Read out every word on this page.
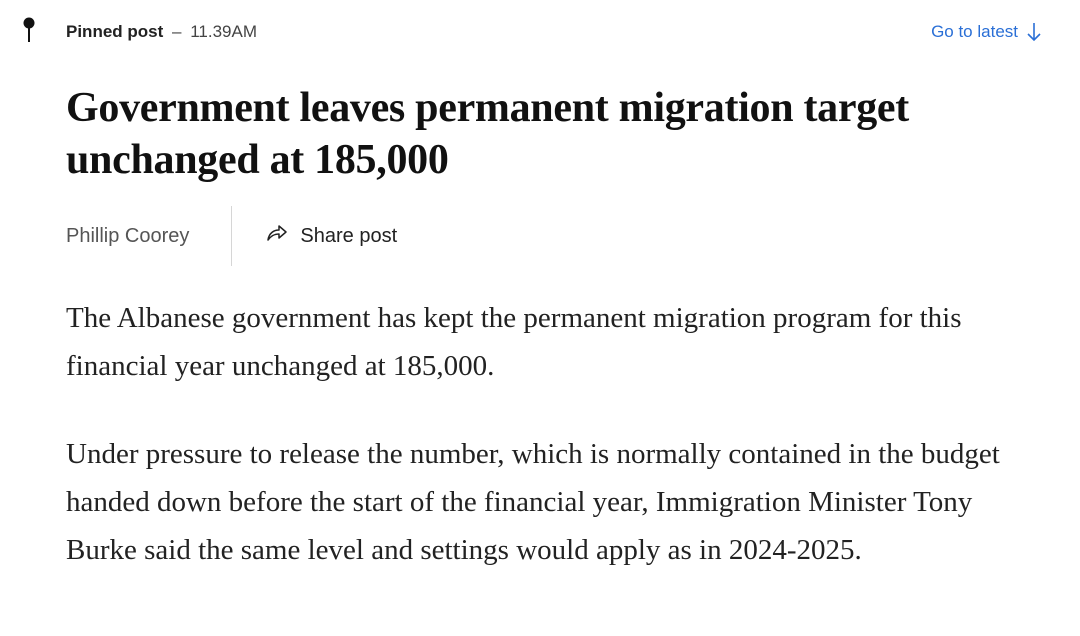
Pinned post – 11.39AM	Go to latest
Government leaves permanent migration target unchanged at 185,000
Phillip Coorey	Share post

The Albanese government has kept the permanent migration program for this financial year unchanged at 185,000.

Under pressure to release the number, which is normally contained in the budget handed down before the start of the financial year, Immigration Minister Tony Burke said the same level and settings would apply as in 2024-2025.
